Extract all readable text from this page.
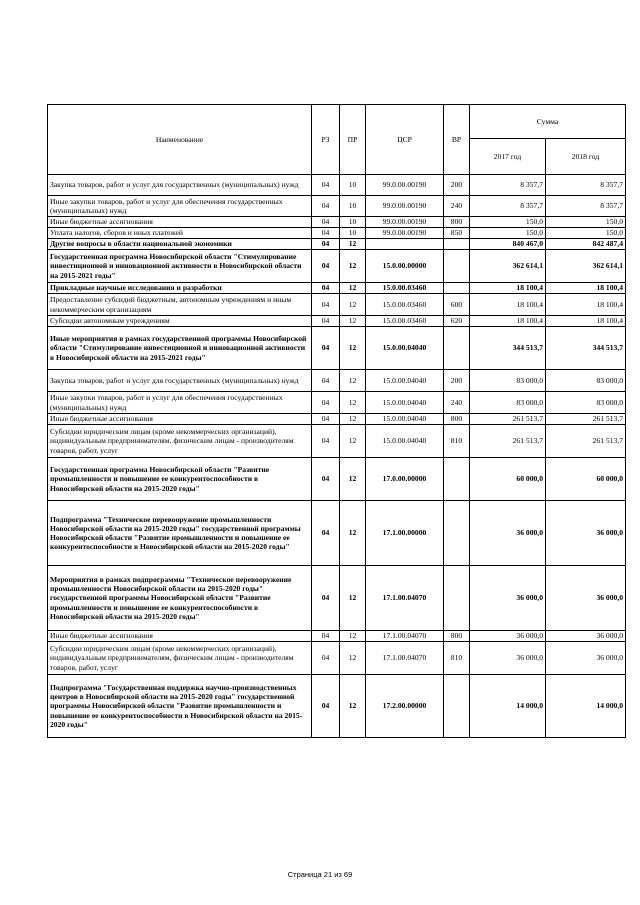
Наименование	РЗ	ПР	ЦСР	ВР	Сумма	
					2017 год	2018 год
Закупка товаров, работ и услуг для государственных (муниципальных) нужд	04	10	99.0.00.00190	200	8 357,7	8 357,7
Иные закупки товаров, работ и услуг для обеспечения государственных (муниципальных) нужд	04	10	99.0.00.00190	240	8 357,7	8 357,7
Иные бюджетные ассигнования	04	10	99.0.00.00190	800	150,0	150,0
Уплата налогов, сборов и иных платежей	04	10	99.0.00.00190	850	150,0	150,0
Другие вопросы в области национальной экономики	04	12			840 467,0	842 487,4
Государственная программа Новосибирской области "Стимулирование инвестиционной и инновационной активности в Новосибирской области на 2015-2021 годы"	04	12	15.0.00.00000		362 614,1	362 614,1
Прикладные научные исследования и разработки	04	12	15.0.00.03460		18 100,4	18 100,4
Предоставление субсидий бюджетным, автономным учреждениям и иным некоммерческим организациям	04	12	15.0.00.03460	600	18 100,4	18 100,4
Субсидии автономным учреждениям	04	12	15.0.00.03460	620	18 100,4	18 100,4
Иные мероприятия в рамках государственной программы Новосибирской области "Стимулирование инвестиционной и инновационной активности в Новосибирской области на 2015-2021 годы"	04	12	15.0.00.04040		344 513,7	344 513,7
Закупка товаров, работ и услуг для государственных (муниципальных) нужд	04	12	15.0.00.04040	200	83 000,0	83 000,0
Иные закупки товаров, работ и услуг для обеспечения государственных (муниципальных) нужд	04	12	15.0.00.04040	240	83 000,0	83 000,0
Иные бюджетные ассигнования	04	12	15.0.00.04040	800	261 513,7	261 513,7
Субсидии юридическим лицам (кроме некоммерческих организаций), индивидуальным предпринимателям, физическим лицам - производителям товаров, работ, услуг	04	12	15.0.00.04040	810	261 513,7	261 513,7
Государственная программа Новосибирской области "Развитие промышленности и повышение ее конкурентоспособности в Новосибирской области на 2015-2020 годы"	04	12	17.0.00.00000		60 000,0	60 000,0
Подпрограмма "Техническое перевооружение промышленности Новосибирской области на 2015-2020 годы" государственной программы Новосибирской области "Развитие промышленности и повышение ее конкурентоспособности в Новосибирской области на 2015-2020 годы"	04	12	17.1.00.00000		36 000,0	36 000,0
Мероприятия в рамках подпрограммы "Техническое перевооружение промышленности Новосибирской области на 2015-2020 годы" государственной программы Новосибирской области "Развитие промышленности и повышение ее конкурентоспособности в Новосибирской области на 2015-2020 годы"	04	12	17.1.00.04070		36 000,0	36 000,0
Иные бюджетные ассигнования	04	12	17.1.00.04070	800	36 000,0	36 000,0
Субсидии юридическим лицам (кроме некоммерческих организаций), индивидуальным предпринимателям, физическим лицам - производителям товаров, работ, услуг	04	12	17.1.00.04070	810	36 000,0	36 000,0
Подпрограмма "Государственная поддержка научно-производственных центров в Новосибирской области на 2015-2020 годы" государственной программы Новосибирской области "Развитие промышленности и повышение ее конкурентоспособности в Новосибирской области на 2015-2020 годы"	04	12	17.2.00.00000		14 000,0	14 000,0
Страница 21 из 69
